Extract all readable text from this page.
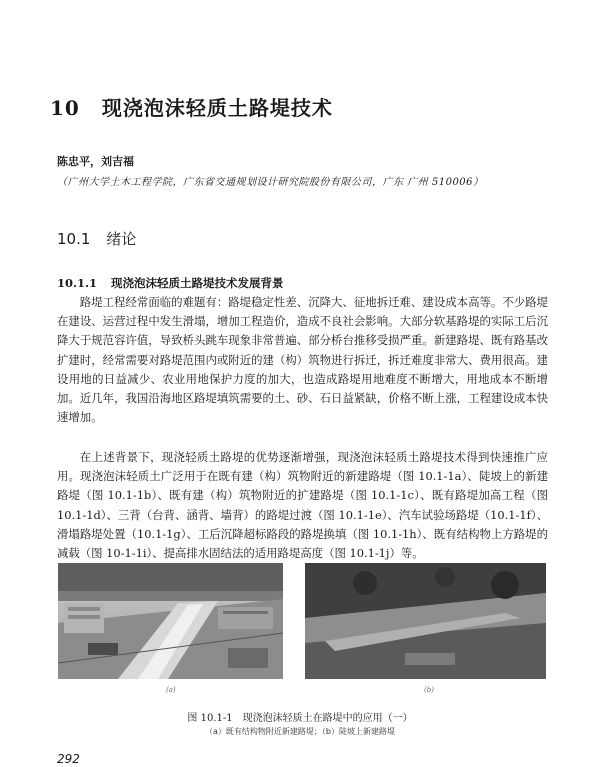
10 现浇泡沫轻质土路堤技术
陈忠平，刘吉福
（广州大学土木工程学院，广东省交通规划设计研究院股份有限公司，广东 广州 510006）
10.1 绪论
10.1.1 现浇泡沫轻质土路堤技术发展背景

路堤工程经常面临的难题有：路堤稳定性差、沉降大、征地拆迁难、建设成本高等。不少路堤在建设、运营过程中发生滑塌，增加工程造价，造成不良社会影响。大部分软基路堤的实际工后沉降大于规范容许值，导致桥头跳车现象非常普遍、部分桥台推移受损严重。新建路堤、既有路基改扩建时，经常需要对路堤范围内或附近的建（构）筑物进行拆迁，拆迁难度非常大、费用很高。建设用地的日益减少、农业用地保护力度的加大，也造成路堤用地难度不断增大，用地成本不断增加。近几年，我国沿海地区路堤填筑需要的土、砂、石日益紧缺，价格不断上涨，工程建设成本快速增加。

在上述背景下，现浇轻质土路堤的优势逐渐增强，现浇泡沫轻质土路堤技术得到快速推广应用。现浇泡沫轻质土广泛用于在既有建（构）筑物附近的新建路堤（图 10.1-1a）、陡坡上的新建路堤（图 10.1-1b）、既有建（构）筑物附近的扩建路堤（图 10.1-1c）、既有路堤加高工程（图 10.1-1d）、三背（台背、涵背、墙背）的路堤过渡（图 10.1-1e）、汽车试验场路堤（10.1-1f）、滑塌路堤处置（10.1-1g）、工后沉降超标路段的路堤换填（图 10.1-1h）、既有结构物上方路堤的减载（图 10-1-1i）、提高排水固结法的适用路堤高度（图 10.1-1j）等。

(a)	(b)
图 10.1-1 现浇泡沫轻质土在路堤中的应用（一）
（a）既有结构物附近新建路堤；（b）陡坡上新建路堤
292
